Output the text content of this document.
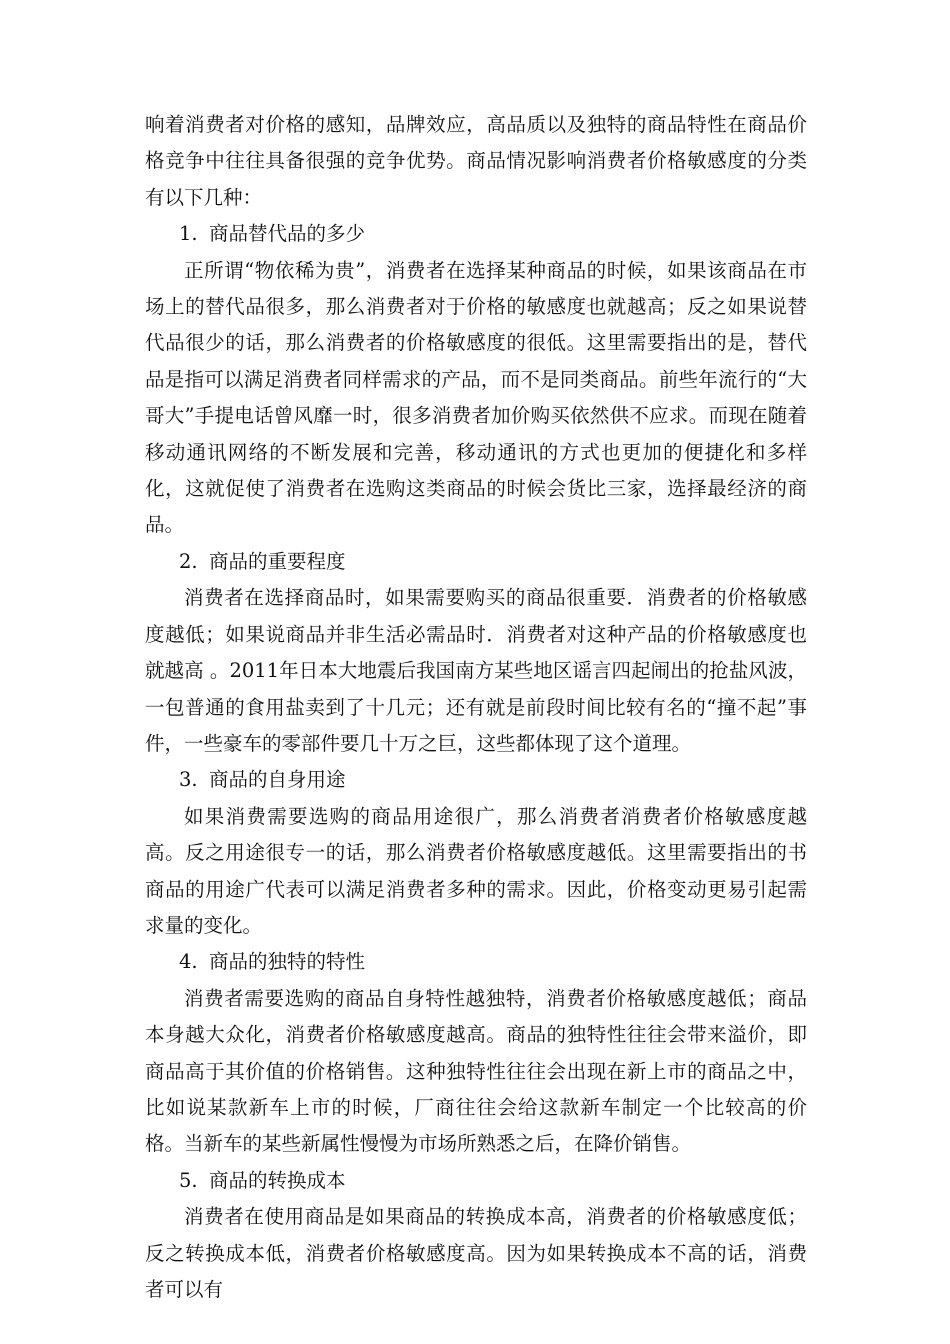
响着消费者对价格的感知，品牌效应，高品质以及独特的商品特性在商品价格竞争中往往具备很强的竞争优势。商品情况影响消费者价格敏感度的分类有以下几种：

1. 商品替代品的多少

正所谓“物依稀为贵”，消费者在选择某种商品的时候，如果该商品在市场上的替代品很多，那么消费者对于价格的敏感度也就越高；反之如果说替代品很少的话，那么消费者的价格敏感度的很低。这里需要指出的是，替代品是指可以满足消费者同样需求的产品，而不是同类商品。前些年流行的“大哥大”手提电话曾风靡一时，很多消费者加价购买依然供不应求。而现在随着移动通讯网络的不断发展和完善，移动通讯的方式也更加的便捷化和多样化，这就促使了消费者在选购这类商品的时候会货比三家，选择最经济的商品。

2. 商品的重要程度

消费者在选择商品时，如果需要购买的商品很重要．消费者的价格敏感度越低；如果说商品并非生活必需品时．消费者对这种产品的价格敏感度也就越高 。2011年日本大地震后我国南方某些地区谣言四起闹出的抢盐风波，一包普通的食用盐卖到了十几元；还有就是前段时间比较有名的“撞不起”事件，一些豪车的零部件要几十万之巨，这些都体现了这个道理。

3. 商品的自身用途

如果消费需要选购的商品用途很广，那么消费者消费者价格敏感度越高。反之用途很专一的话，那么消费者价格敏感度越低。这里需要指出的书商品的用途广代表可以满足消费者多种的需求。因此，价格变动更易引起需求量的变化。

4. 商品的独特的特性

消费者需要选购的商品自身特性越独特，消费者价格敏感度越低；商品本身越大众化，消费者价格敏感度越高。商品的独特性往往会带来溢价，即商品高于其价值的价格销售。这种独特性往往会出现在新上市的商品之中，比如说某款新车上市的时候，厂商往往会给这款新车制定一个比较高的价格。当新车的某些新属性慢慢为市场所熟悉之后，在降价销售。

5. 商品的转换成本

消费者在使用商品是如果商品的转换成本高，消费者的价格敏感度低；反之转换成本低，消费者价格敏感度高。因为如果转换成本不高的话，消费者可以有
